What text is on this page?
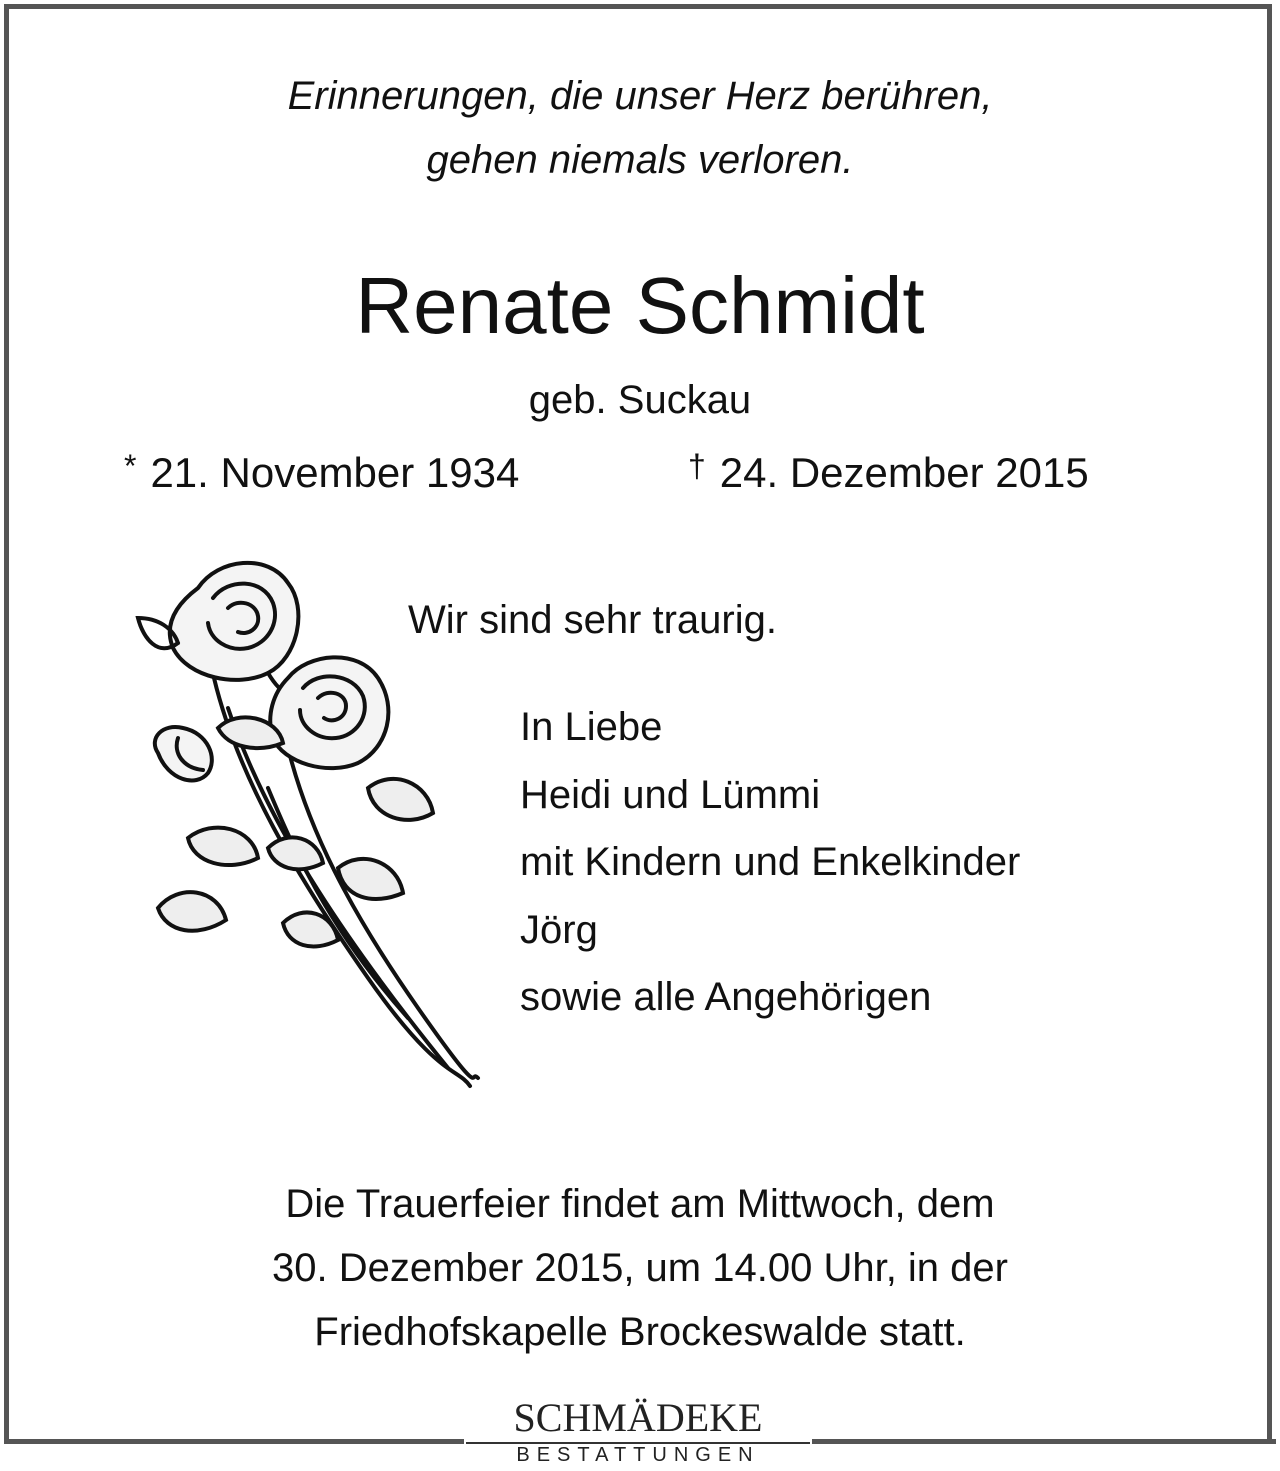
Erinnerungen, die unser Herz berühren,
gehen niemals verloren.
Renate Schmidt
geb. Suckau
* 21. November 1934	† 24. Dezember 2015
Wir sind sehr traurig.
In Liebe
Heidi und Lümmi
mit Kindern und Enkelkinder
Jörg
sowie alle Angehörigen
Die Trauerfeier findet am Mittwoch, dem
30. Dezember 2015, um 14.00 Uhr, in der
Friedhofskapelle Brockeswalde statt.
SCHMÄDEKE
BESTATTUNGEN
